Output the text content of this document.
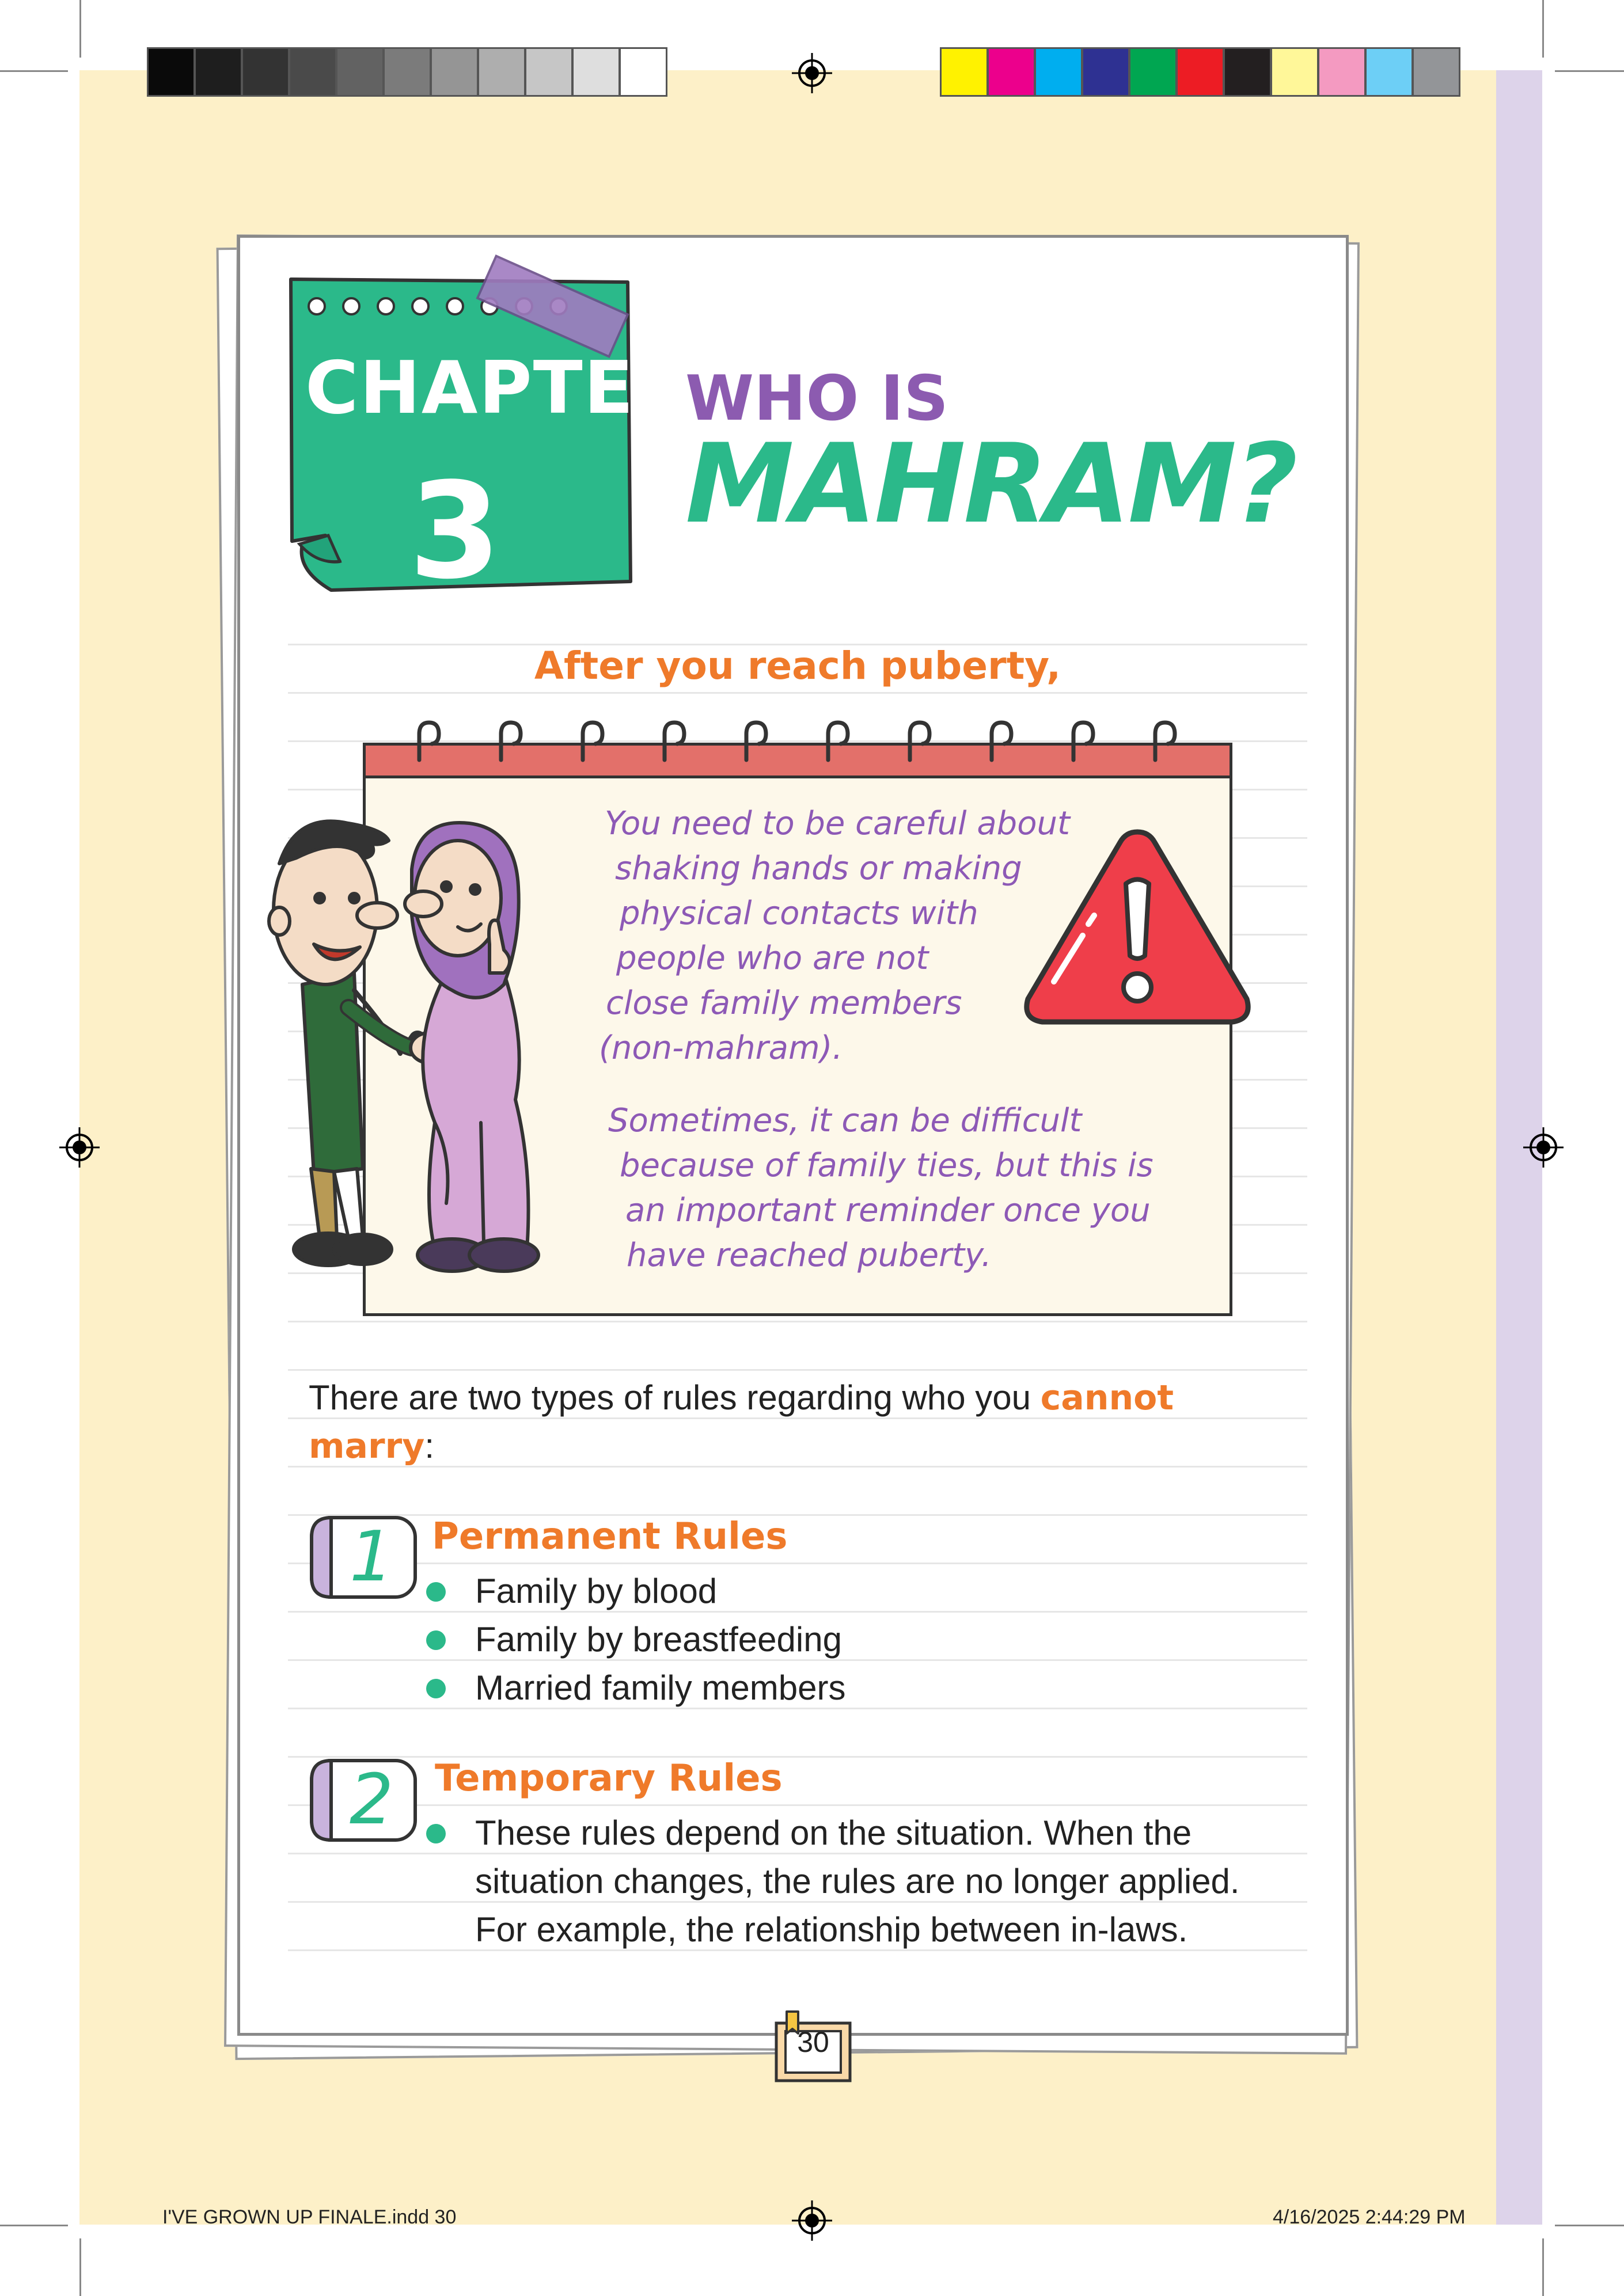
CHAPTER
3
WHO IS
MAHRAM?
After you reach puberty,
You need to be careful about
shaking hands or making
physical contacts with
people who are not
close family members
(non-mahram).
Sometimes, it can be difficult
because of family ties, but this is
an important reminder once you
have reached puberty.
There are two types of rules regarding who you cannot
marry:
1
2
Permanent Rules
Family by blood
Family by breastfeeding
Married family members
Temporary Rules
These rules depend on the situation. When the
situation changes, the rules are no longer applied.
For example, the relationship between in-laws.
30
I'VE GROWN UP FINALE.indd 30	4/16/2025 2:44:29 PM
